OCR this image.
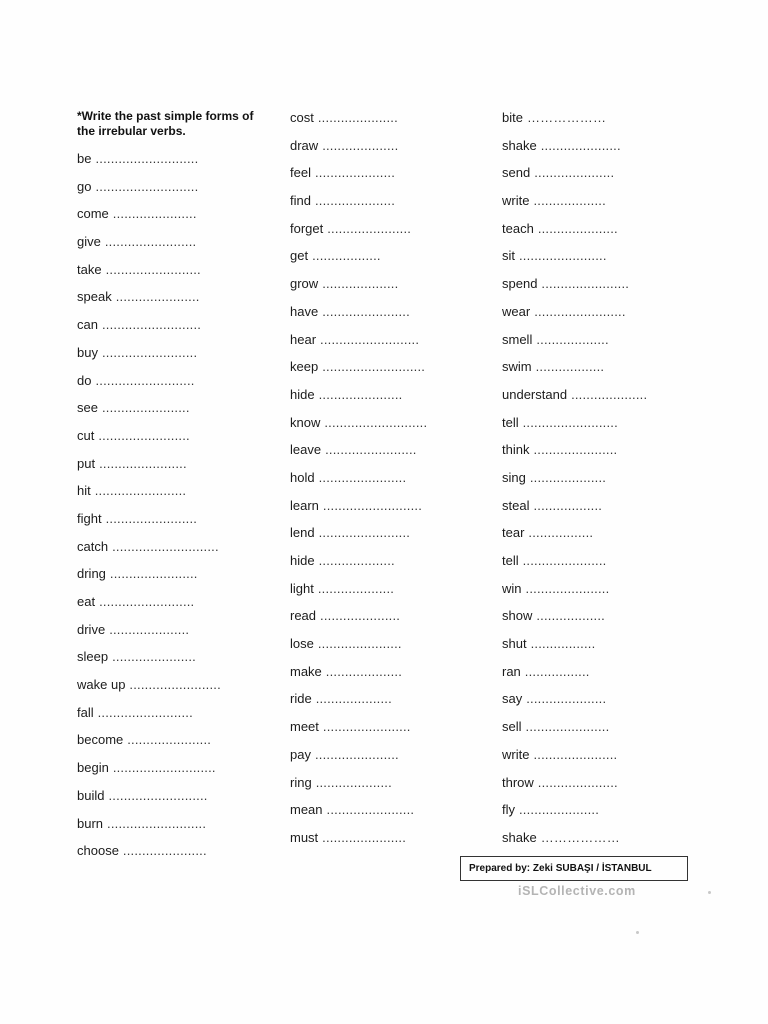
*Write the past simple forms of the irrebular verbs.
be ...........................
go ...........................
come ......................
give ........................
take .........................
speak ......................
can ..........................
buy .........................
do ..........................
see .......................
cut ........................
put .......................
hit ........................
fight ........................
catch ............................
dring .......................
eat .........................
drive .....................
sleep ......................
wake up ........................
fall .........................
become ......................
begin ...........................
build ..........................
burn ..........................
choose ......................
cost .....................
draw ....................
feel .....................
find .....................
forget ......................
get ..................
grow ....................
have .......................
hear ..........................
keep ...........................
hide ......................
know ...........................
leave ........................
hold .......................
learn ..........................
lend ........................
hide ....................
light ....................
read .....................
lose ......................
make ....................
ride ....................
meet .......................
pay ......................
ring ....................
mean .......................
must ......................
bite ………………
shake .....................
send .....................
write ...................
teach .....................
sit .......................
spend .......................
wear ........................
smell ...................
swim ..................
understand ....................
tell .........................
think ......................
sing ....................
steal ..................
tear .................
tell ......................
win ......................
show ..................
shut .................
ran .................
say .....................
sell ......................
write ......................
throw .....................
fly .....................
shake ………………
Prepared by: Zeki SUBAŞI / İSTANBUL
iSLCollective.com
